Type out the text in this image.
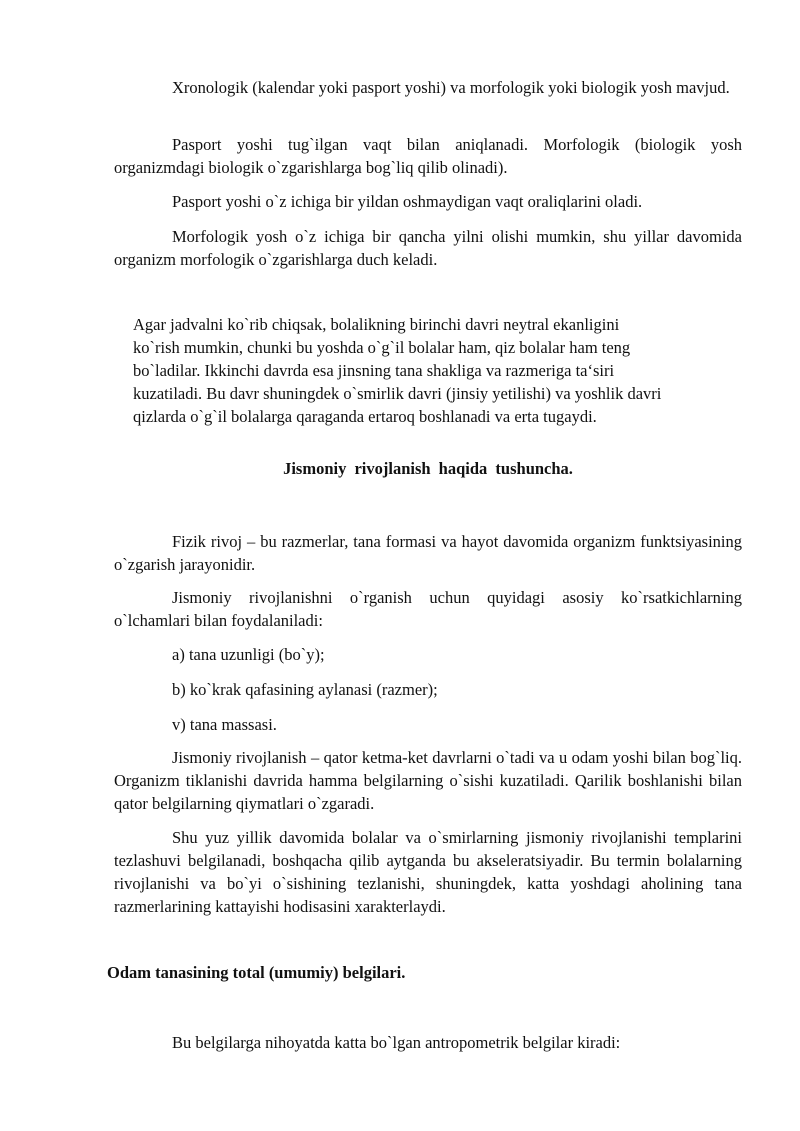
Xronologik (kalendar yoki pasport yoshi) va morfologik yoki biologik yosh mavjud.

Pasport yoshi tug`ilgan vaqt bilan aniqlanadi. Morfologik (biologik yosh organizmdagi biologik o`zgarishlarga bog`liq qilib olinadi).

Pasport yoshi o`z ichiga bir yildan oshmaydigan vaqt oraliqlarini oladi.

Morfologik yosh o`z ichiga bir qancha yilni olishi mumkin, shu yillar davomida organizm morfologik o`zgarishlarga duch keladi.

Agar jadvalni ko`rib chiqsak, bolalikning birinchi davri neytral ekanligini
ko`rish mumkin, chunki bu yoshda o`g`il bolalar ham, qiz bolalar ham teng
bo`ladilar. Ikkinchi davrda esa jinsning tana shakliga va razmeriga ta‘siri
kuzatiladi. Bu davr shuningdek o`smirlik davri (jinsiy yetilishi) va yoshlik davri
qizlarda o`g`il bolalarga qaraganda ertaroq boshlanadi va erta tugaydi.
Jismoniy rivojlanish haqida tushuncha.

Fizik rivoj – bu razmerlar, tana formasi va hayot davomida organizm funktsiyasining o`zgarish jarayonidir.

Jismoniy rivojlanishni o`rganish uchun quyidagi asosiy ko`rsatkichlarning o`lchamlari bilan foydalaniladi:

a) tana uzunligi (bo`y);

b) ko`krak qafasining aylanasi (razmer);

v) tana massasi.

Jismoniy rivojlanish – qator ketma-ket davrlarni o`tadi va u odam yoshi bilan bog`liq. Organizm tiklanishi davrida hamma belgilarning o`sishi kuzatiladi. Qarilik boshlanishi bilan qator belgilarning qiymatlari o`zgaradi.

Shu yuz yillik davomida bolalar va o`smirlarning jismoniy rivojlanishi templarini tezlashuvi belgilanadi, boshqacha qilib aytganda bu akseleratsiyadir. Bu termin bolalarning rivojlanishi va bo`yi o`sishining tezlanishi, shuningdek, katta yoshdagi aholining tana razmerlarining kattayishi hodisasini xarakterlaydi.

Odam tanasining total (umumiy) belgilari.

Bu belgilarga nihoyatda katta bo`lgan antropometrik belgilar kiradi:
